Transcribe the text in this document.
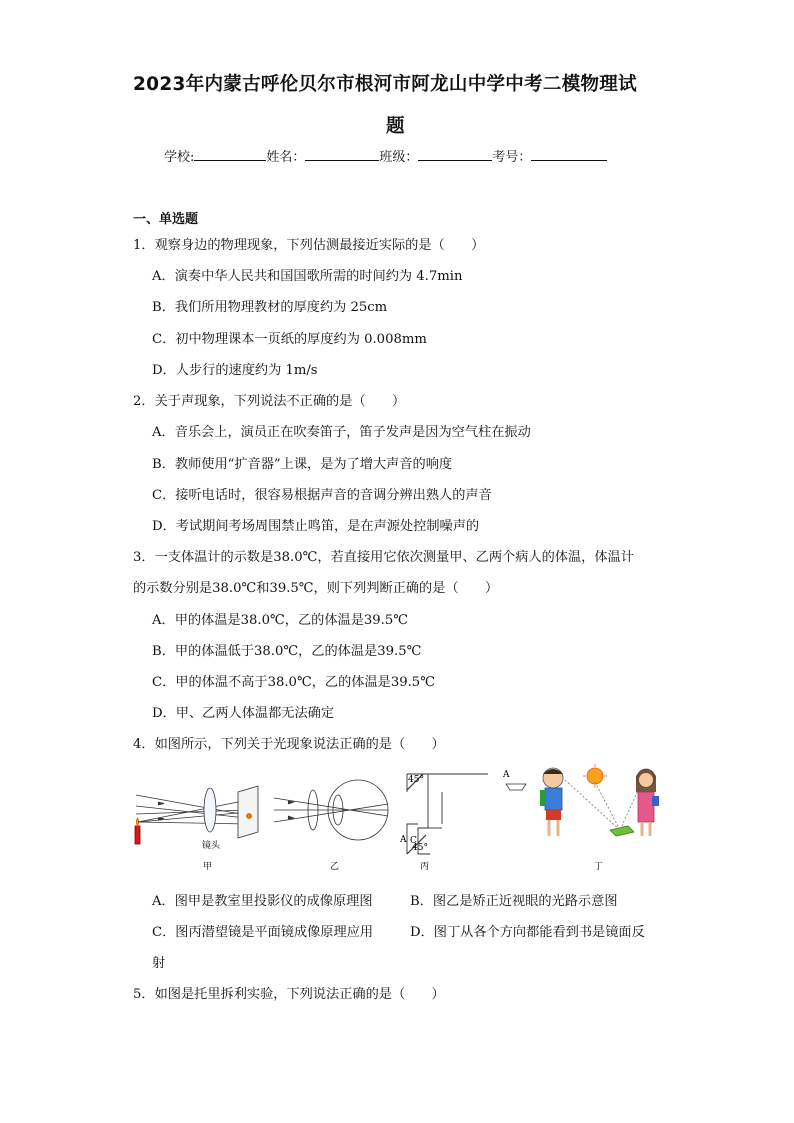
2023年内蒙古呼伦贝尔市根河市阿龙山中学中考二模物理试
题
学校:	姓名：	班级：	考号：
一、单选题
1．观察身边的物理现象，下列估测最接近实际的是（　　）
A．演奏中华人民共和国国歌所需的时间约为 4.7min
B．我们所用物理教材的厚度约为 25cm
C．初中物理课本一页纸的厚度约为 0.008mm
D．人步行的速度约为 1m/s
2．关于声现象，下列说法不正确的是（　　）
A．音乐会上，演员正在吹奏笛子，笛子发声是因为空气柱在振动
B．教师使用“扩音器”上课，是为了增大声音的响度
C．接听电话时，很容易根据声音的音调分辨出熟人的声音
D．考试期间考场周围禁止鸣笛，是在声源处控制噪声的
3．一支体温计的示数是38.0℃，若直接用它依次测量甲、乙两个病人的体温，体温计
的示数分别是38.0℃和39.5℃，则下列判断正确的是（　　）
A．甲的体温是38.0℃，乙的体温是39.5℃
B．甲的体温低于38.0℃，乙的体温是39.5℃
C．甲的体温不高于38.0℃，乙的体温是39.5℃
D．甲、乙两人体温都无法确定
4．如图所示，下列关于光现象说法正确的是（　　）
镜头
甲	乙
45°
45°
A C
丙
A
丁
A．图甲是教室里投影仪的成像原理图	B．图乙是矫正近视眼的光路示意图
C．图丙潜望镜是平面镜成像原理应用	D．图丁从各个方向都能看到书是镜面反
射
5．如图是托里拆利实验，下列说法正确的是（　　）
